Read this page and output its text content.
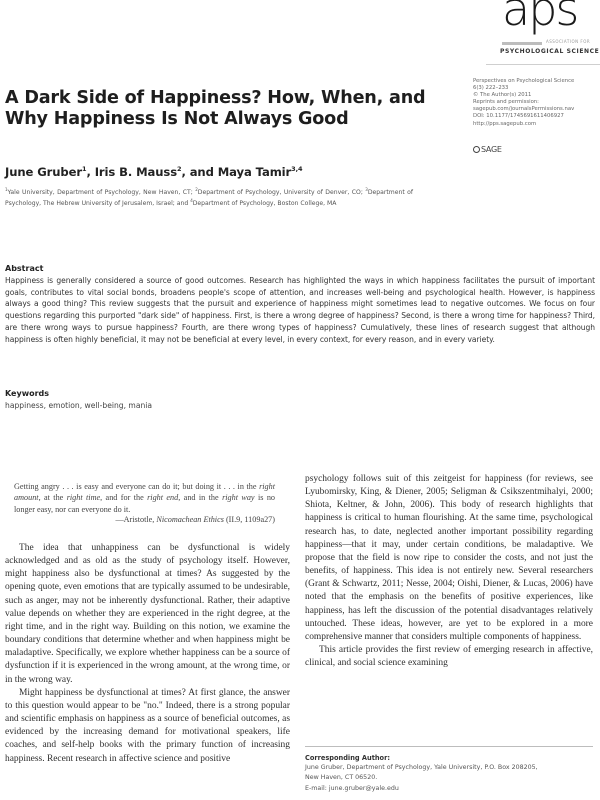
aps
ASSOCIATION FOR
PSYCHOLOGICAL SCIENCE
Perspectives on Psychological Science
6(3) 222–233
© The Author(s) 2011
Reprints and permission:
sagepub.com/journalsPermissions.nav
DOI: 10.1177/1745691611406927
http://pps.sagepub.com
SAGE
A Dark Side of Happiness? How, When, and Why Happiness Is Not Always Good
June Gruber$^1$, Iris B. Mauss$^2$, and Maya Tamir$^{3,4}$
$^1$Yale University, Department of Psychology, New Haven, CT; $^2$Department of Psychology, University of Denver, CO; $^3$Department of Psychology, The Hebrew University of Jerusalem, Israel; and $^4$Department of Psychology, Boston College, MA
Abstract
Happiness is generally considered a source of good outcomes. Research has highlighted the ways in which happiness facilitates the pursuit of important goals, contributes to vital social bonds, broadens people's scope of attention, and increases well-being and psychological health. However, is happiness always a good thing? This review suggests that the pursuit and experience of happiness might sometimes lead to negative outcomes. We focus on four questions regarding this purported "dark side" of happiness. First, is there a wrong degree of happiness? Second, is there a wrong time for happiness? Third, are there wrong ways to pursue happiness? Fourth, are there wrong types of happiness? Cumulatively, these lines of research suggest that although happiness is often highly beneficial, it may not be beneficial at every level, in every context, for every reason, and in every variety.
Keywords
happiness, emotion, well-being, mania
Getting angry . . . is easy and everyone can do it; but doing it . . . in the right amount, at the right time, and for the right end, and in the right way is no longer easy, nor can everyone do it.
—Aristotle, Nicomachean Ethics (II.9, 1109a27)

The idea that unhappiness can be dysfunctional is widely acknowledged and as old as the study of psychology itself. However, might happiness also be dysfunctional at times? As suggested by the opening quote, even emotions that are typically assumed to be undesirable, such as anger, may not be inherently dysfunctional. Rather, their adaptive value depends on whether they are experienced in the right degree, at the right time, and in the right way. Building on this notion, we examine the boundary conditions that determine whether and when happiness might be maladaptive. Specifically, we explore whether happiness can be a source of dysfunction if it is experienced in the wrong amount, at the wrong time, or in the wrong way.

Might happiness be dysfunctional at times? At first glance, the answer to this question would appear to be "no." Indeed, there is a strong popular and scientific emphasis on happiness as a source of beneficial outcomes, as evidenced by the increasing demand for motivational speakers, life coaches, and self-help books with the primary function of increasing happiness. Recent research in affective science and positive

psychology follows suit of this zeitgeist for happiness (for reviews, see Lyubomirsky, King, & Diener, 2005; Seligman & Csikszentmihalyi, 2000; Shiota, Keltner, & John, 2006). This body of research highlights that happiness is critical to human flourishing. At the same time, psychological research has, to date, neglected another important possibility regarding happiness—that it may, under certain conditions, be maladaptive. We propose that the field is now ripe to consider the costs, and not just the benefits, of happiness. This idea is not entirely new. Several researchers (Grant & Schwartz, 2011; Nesse, 2004; Oishi, Diener, & Lucas, 2006) have noted that the emphasis on the benefits of positive experiences, like happiness, has left the discussion of the potential disadvantages relatively untouched. These ideas, however, are yet to be explored in a more comprehensive manner that considers multiple components of happiness.

This article provides the first review of emerging research in affective, clinical, and social science examining

Corresponding Author:
June Gruber, Department of Psychology, Yale University, P.O. Box 208205,
New Haven, CT 06520.
E-mail: june.gruber@yale.edu
